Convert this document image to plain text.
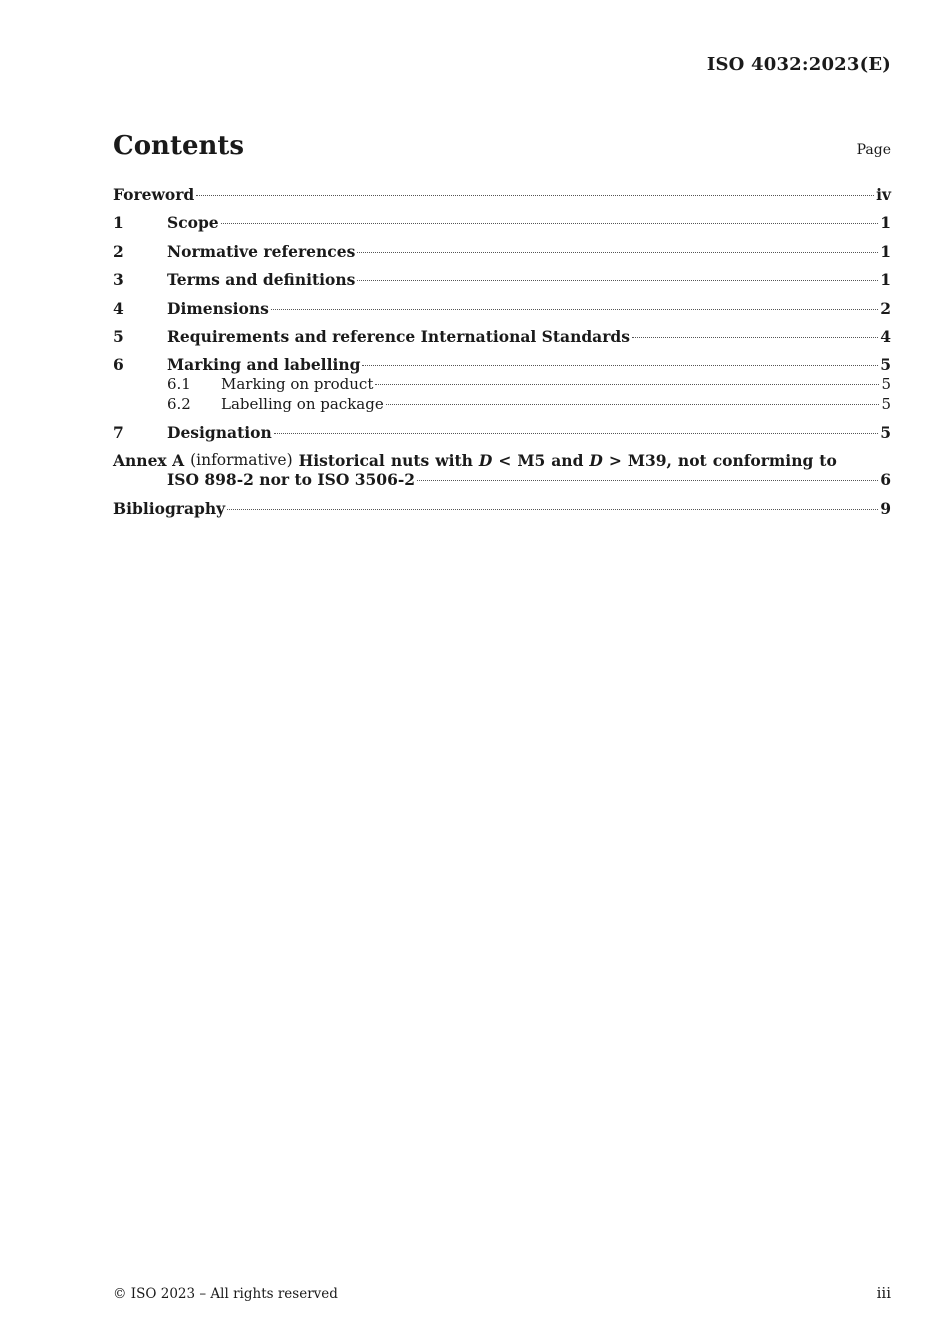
ISO 4032:2023(E)
Contents	Page
Foreword	iv
1	Scope	1
2	Normative references	1
3	Terms and definitions	1
4	Dimensions	2
5	Requirements and reference International Standards	4
6	Marking and labelling	5
6.1	Marking on product	5
6.2	Labelling on package	5
7	Designation	5
Annex A (informative) Historical nuts with D < M5 and D > M39, not conforming to
ISO 898-2 nor to ISO 3506-2	6
Bibliography	9
© ISO 2023 – All rights reserved	iii
